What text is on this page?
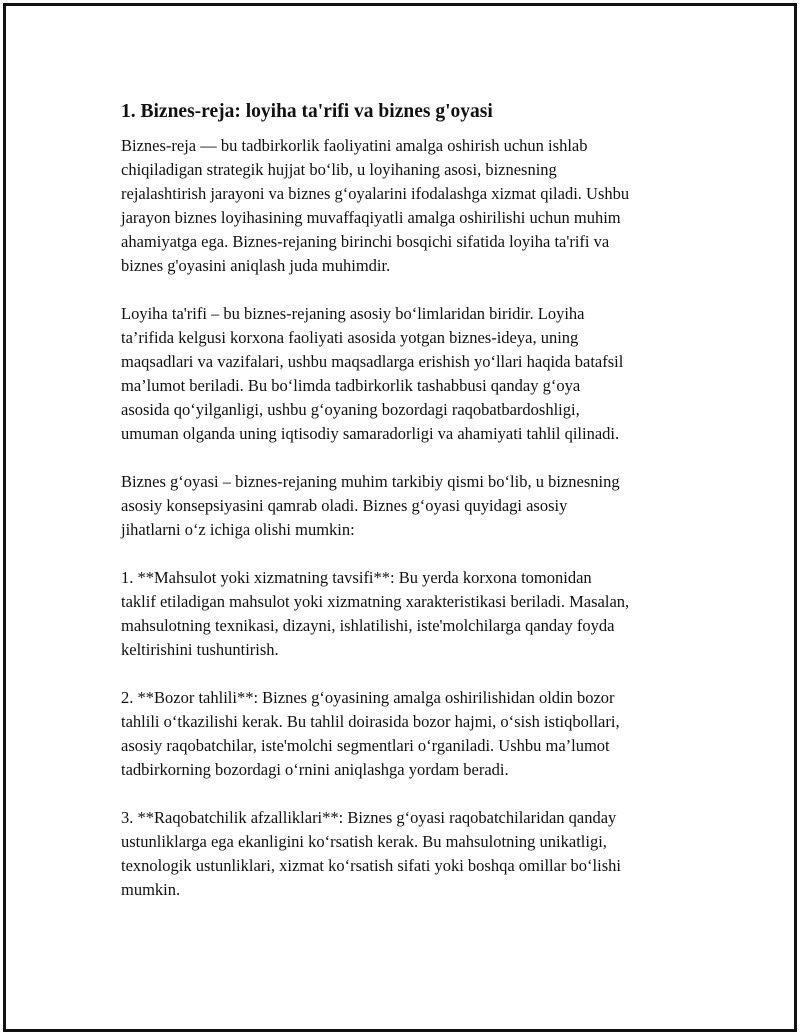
1. Biznes-reja: loyiha ta'rifi va biznes g'oyasi

Biznes-reja — bu tadbirkorlik faoliyatini amalga oshirish uchun ishlab
chiqiladigan strategik hujjat bo‘lib, u loyihaning asosi, biznesning
rejalashtirish jarayoni va biznes g‘oyalarini ifodalashga xizmat qiladi. Ushbu
jarayon biznes loyihasining muvaffaqiyatli amalga oshirilishi uchun muhim
ahamiyatga ega. Biznes-rejaning birinchi bosqichi sifatida loyiha ta'rifi va
biznes g'oyasini aniqlash juda muhimdir.

Loyiha ta'rifi – bu biznes-rejaning asosiy bo‘limlaridan biridir. Loyiha
ta’rifida kelgusi korxona faoliyati asosida yotgan biznes-ideya, uning
maqsadlari va vazifalari, ushbu maqsadlarga erishish yo‘llari haqida batafsil
ma’lumot beriladi. Bu bo‘limda tadbirkorlik tashabbusi qanday g‘oya
asosida qo‘yilganligi, ushbu g‘oyaning bozordagi raqobatbardoshligi,
umuman olganda uning iqtisodiy samaradorligi va ahamiyati tahlil qilinadi.

Biznes g‘oyasi – biznes-rejaning muhim tarkibiy qismi bo‘lib, u biznesning
asosiy konsepsiyasini qamrab oladi. Biznes g‘oyasi quyidagi asosiy
jihatlarni o‘z ichiga olishi mumkin:

1. **Mahsulot yoki xizmatning tavsifi**: Bu yerda korxona tomonidan
taklif etiladigan mahsulot yoki xizmatning xarakteristikasi beriladi. Masalan,
mahsulotning texnikasi, dizayni, ishlatilishi, iste'molchilarga qanday foyda
keltirishini tushuntirish.

2. **Bozor tahlili**: Biznes g‘oyasining amalga oshirilishidan oldin bozor
tahlili o‘tkazilishi kerak. Bu tahlil doirasida bozor hajmi, o‘sish istiqbollari,
asosiy raqobatchilar, iste'molchi segmentlari o‘rganiladi. Ushbu ma’lumot
tadbirkorning bozordagi o‘rnini aniqlashga yordam beradi.

3. **Raqobatchilik afzalliklari**: Biznes g‘oyasi raqobatchilaridan qanday
ustunliklarga ega ekanligini ko‘rsatish kerak. Bu mahsulotning unikatligi,
texnologik ustunliklari, xizmat ko‘rsatish sifati yoki boshqa omillar bo‘lishi
mumkin.
